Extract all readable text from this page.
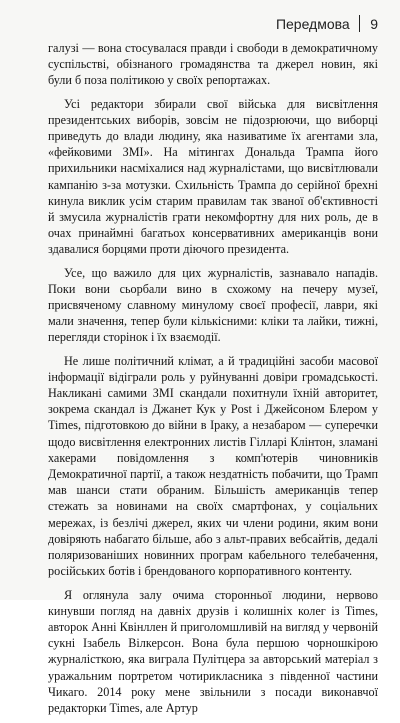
Передмова 9

галузі — вона стосувалася правди і свободи в демократичному суспільстві, обізнаного громадянства та джерел новин, які були б поза політикою у своїх репортажах.

Усі редактори збирали свої війська для висвітлення президентських виборів, зовсім не підозрюючи, що виборці приведуть до влади людину, яка називатиме їх агентами зла, «фейковими ЗМІ». На мітингах Дональда Трампа його прихильники насміхалися над журналістами, що висвітлювали кампанію з-за мотузки. Схильність Трампа до серійної брехні кинула виклик усім старим правилам так званої об'єктивності й змусила журналістів грати некомфортну для них роль, де в очах принаймні багатьох консервативних американців вони здавалися борцями проти діючого президента.

Усе, що важило для цих журналістів, зазнавало нападів. Поки вони сьорбали вино в схожому на печеру музеї, присвяченому славному минулому своєї професії, лаври, які мали значення, тепер були кількісними: кліки та лайки, тижні, перегляди сторінок і їх взаємодії.

Не лише політичний клімат, а й традиційні засоби масової інформації відіграли роль у руйнуванні довіри громадськості. Накликані самими ЗМІ скандали похитнули їхній авторитет, зокрема скандал із Джанет Кук у Post і Джейсоном Блером у Times, підготовкою до війни в Іраку, а незабаром — суперечки щодо висвітлення електронних листів Гілларі Клінтон, зламані хакерами повідомлення з комп'ютерів чиновників Демократичної партії, а також нездатність побачити, що Трамп мав шанси стати обраним. Більшість американців тепер стежать за новинами на своїх смартфонах, у соціальних мережах, із безлічі джерел, яких чи члени родини, яким вони довіряють набагато більше, або з альт-правих вебсайтів, дедалі поляризованіших новинних програм кабельного телебачення, російських ботів і брендованого корпоративного контенту.

Я оглянула залу очима сторонньої людини, нервово кинувши погляд на давніх друзів і колишніх колег із Times, авторок Анні Квінллен й приголомшливій на вигляд у червоній сукні Ізабель Вілкерсон. Вона була першою чорношкірою журналісткою, яка виграла Пулітцера за авторський матеріал з уражальним портретом чотирикласника з південної частини Чикаго. 2014 року мене звільнили з посади виконавчої редакторки Times, але Артур
